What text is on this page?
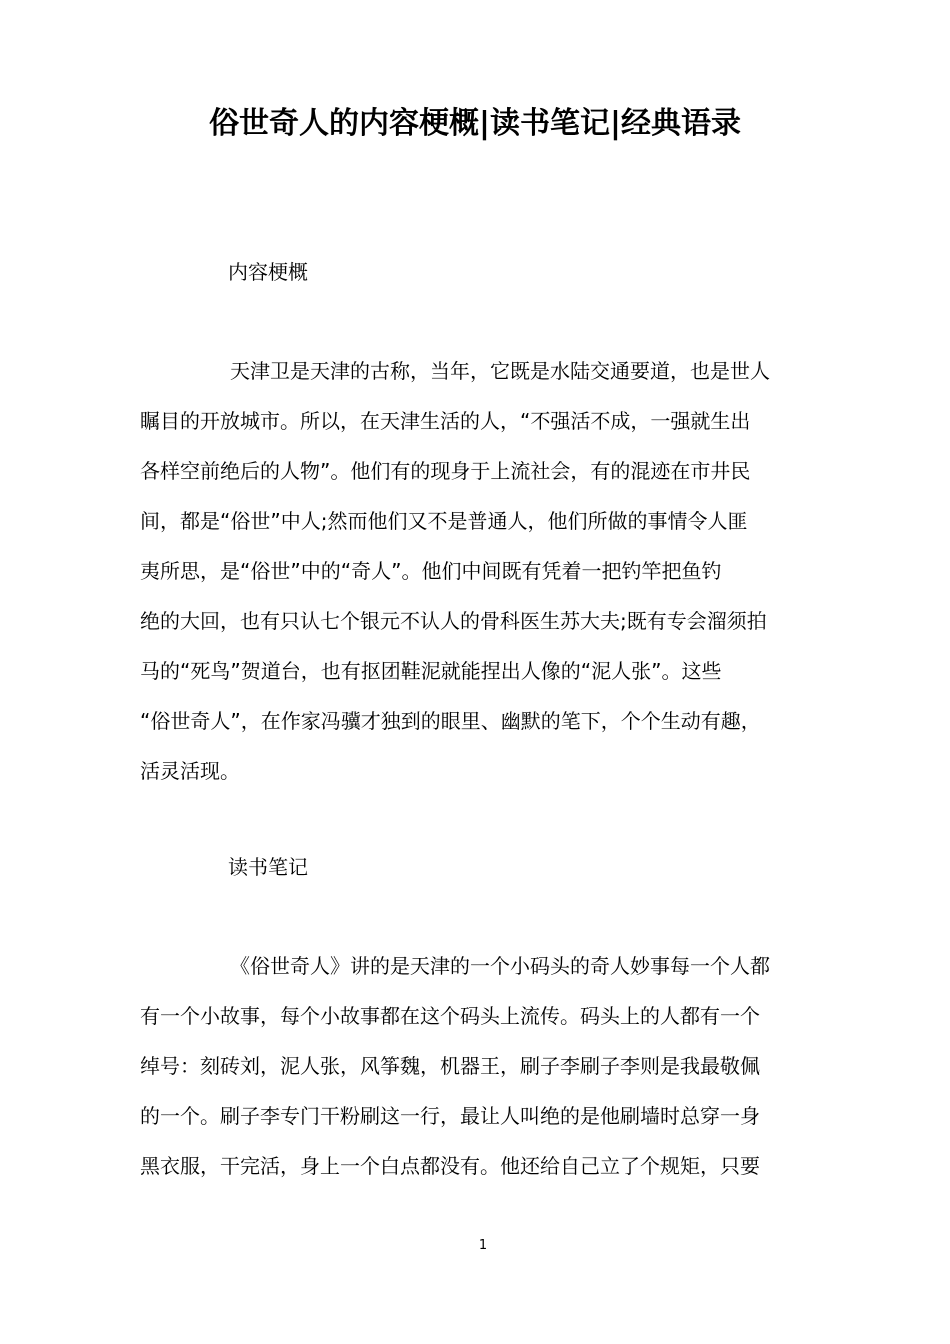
俗世奇人的内容梗概|读书笔记|经典语录
内容梗概
天津卫是天津的古称，当年，它既是水陆交通要道，也是世人
瞩目的开放城市。所以，在天津生活的人，“不强活不成，一强就生出
各样空前绝后的人物”。他们有的现身于上流社会，有的混迹在市井民
间，都是“俗世”中人;然而他们又不是普通人，他们所做的事情令人匪
夷所思，是“俗世”中的“奇人”。他们中间既有凭着一把钓竿把鱼钓
绝的大回，也有只认七个银元不认人的骨科医生苏大夫;既有专会溜须拍
马的“死鸟”贺道台，也有抠团鞋泥就能捏出人像的“泥人张”。这些
“俗世奇人”，在作家冯骥才独到的眼里、幽默的笔下，个个生动有趣，
活灵活现。
读书笔记
《俗世奇人》讲的是天津的一个小码头的奇人妙事每一个人都
有一个小故事，每个小故事都在这个码头上流传。码头上的人都有一个
绰号：刻砖刘，泥人张，风筝魏，机器王，刷子李刷子李则是我最敬佩
的一个。刷子李专门干粉刷这一行，最让人叫绝的是他刷墙时总穿一身
黑衣服，干完活，身上一个白点都没有。他还给自己立了个规矩，只要
1
